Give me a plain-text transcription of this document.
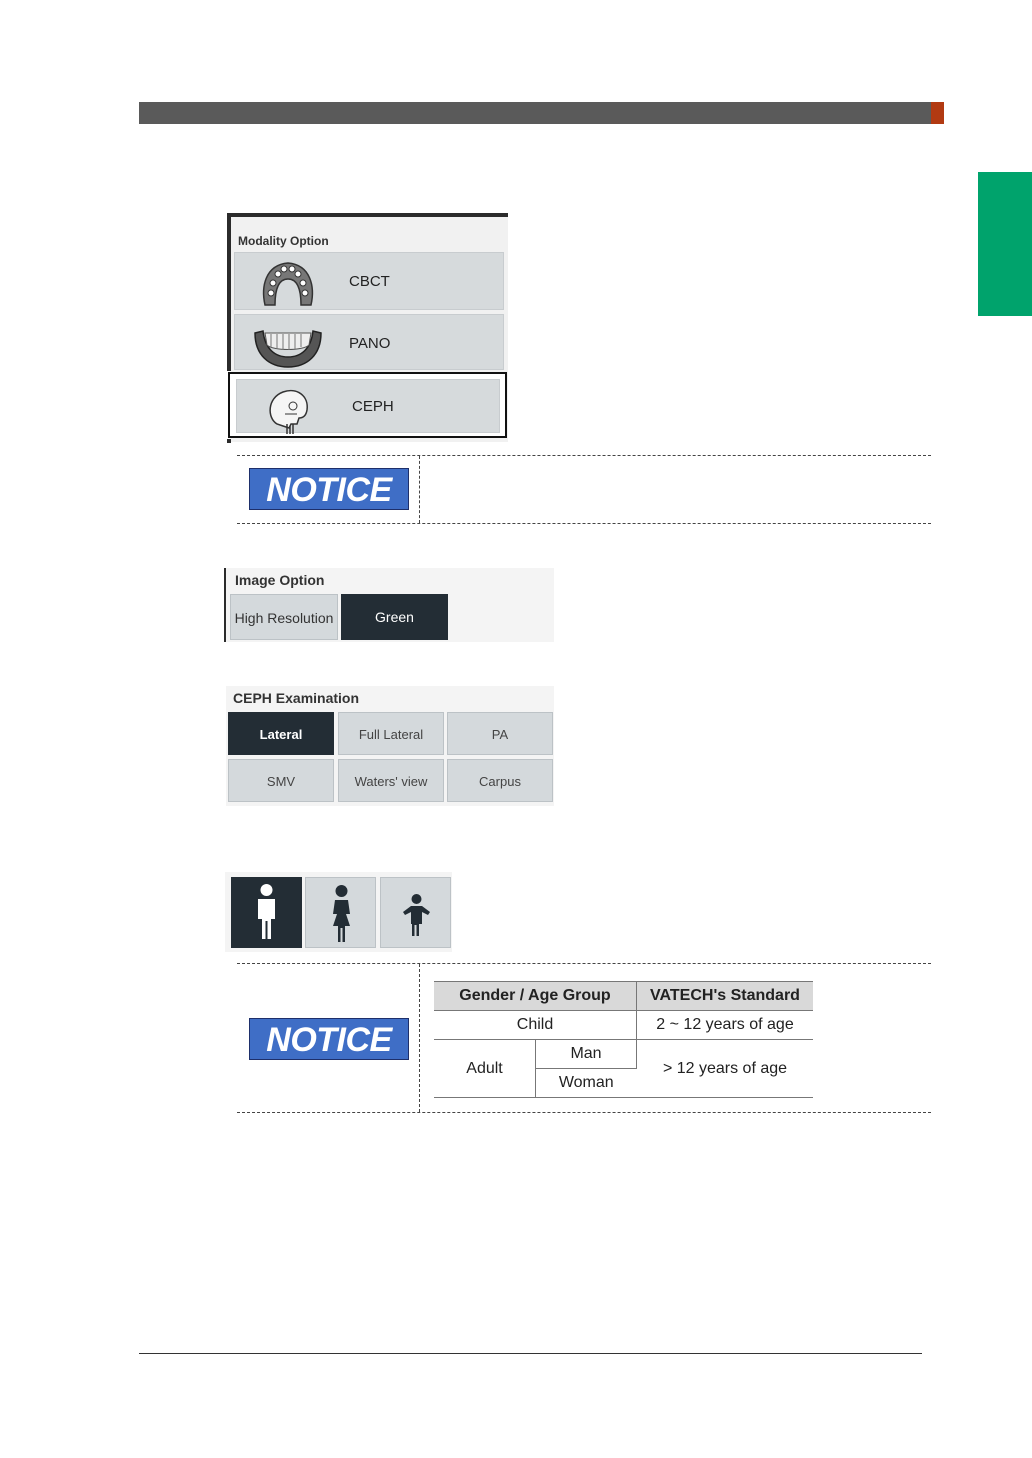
Modality Option
CBCT
PANO
CEPH
NOTICE
Image Option
High Resolution	Green
CEPH Examination
Lateral	Full Lateral	PA
SMV	Waters' view	Carpus
NOTICE
Gender / Age Group		VATECH's Standard
Child		2 ~ 12 years of age
Adult	Man	> 12 years of age
	Woman	
